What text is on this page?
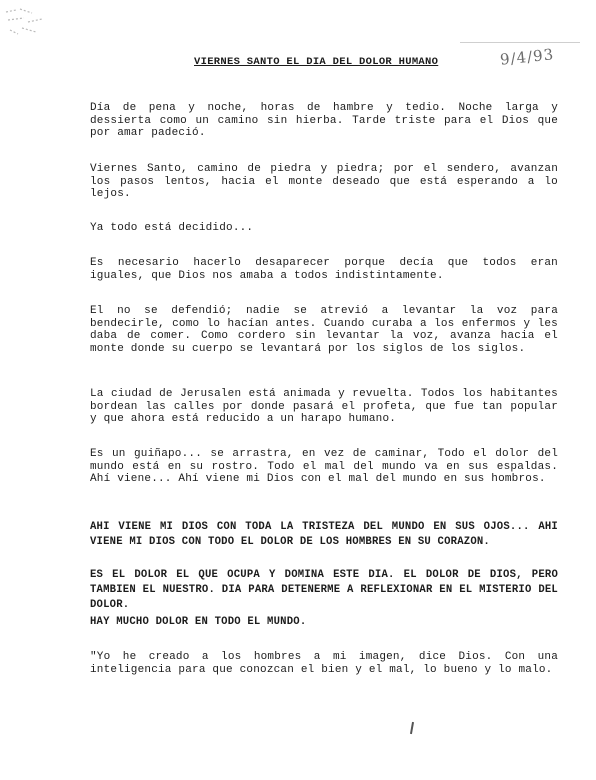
9/4/93
VIERNES SANTO EL DIA DEL DOLOR HUMANO
Día de pena y noche, horas de hambre y tedio. Noche larga y dessierta como un camino sin hierba. Tarde triste para el Dios que por amar padeció.
Viernes Santo, camino de piedra y piedra; por el sendero, avanzan los pasos lentos, hacia el monte deseado que está esperando a lo lejos.
Ya todo está decidido...
Es necesario hacerlo desaparecer porque decía que todos eran iguales, que Dios nos amaba a todos indistintamente.
El no se defendió; nadie se atrevió a levantar la voz para bendecirle, como lo hacían antes. Cuando curaba a los enfermos y les daba de comer. Como cordero sin levantar la voz, avanza hacia el monte donde su cuerpo se levantará por los siglos de los siglos.
La ciudad de Jerusalen está animada y revuelta. Todos los habitantes bordean las calles por donde pasará el profeta, que fue tan popular y que ahora está reducido a un harapo humano.
Es un guiñapo... se arrastra, en vez de caminar, Todo el dolor del mundo está en su rostro. Todo el mal del mundo va en sus espaldas. Ahí viene... Ahí viene mi Dios con el mal del mundo en sus hombros.
AHI VIENE MI DIOS CON TODA LA TRISTEZA DEL MUNDO EN SUS OJOS... AHI VIENE MI DIOS CON TODO EL DOLOR DE LOS HOMBRES EN SU CORAZON.
ES EL DOLOR EL QUE OCUPA Y DOMINA ESTE DIA. EL DOLOR DE DIOS, PERO TAMBIEN EL NUESTRO. DIA PARA DETENERME A REFLEXIONAR EN EL MISTERIO DEL DOLOR.
HAY MUCHO DOLOR EN TODO EL MUNDO.
"Yo he creado a los hombres a mi imagen, dice Dios. Con una inteligencia para que conozcan el bien y el mal, lo bueno y lo malo.
